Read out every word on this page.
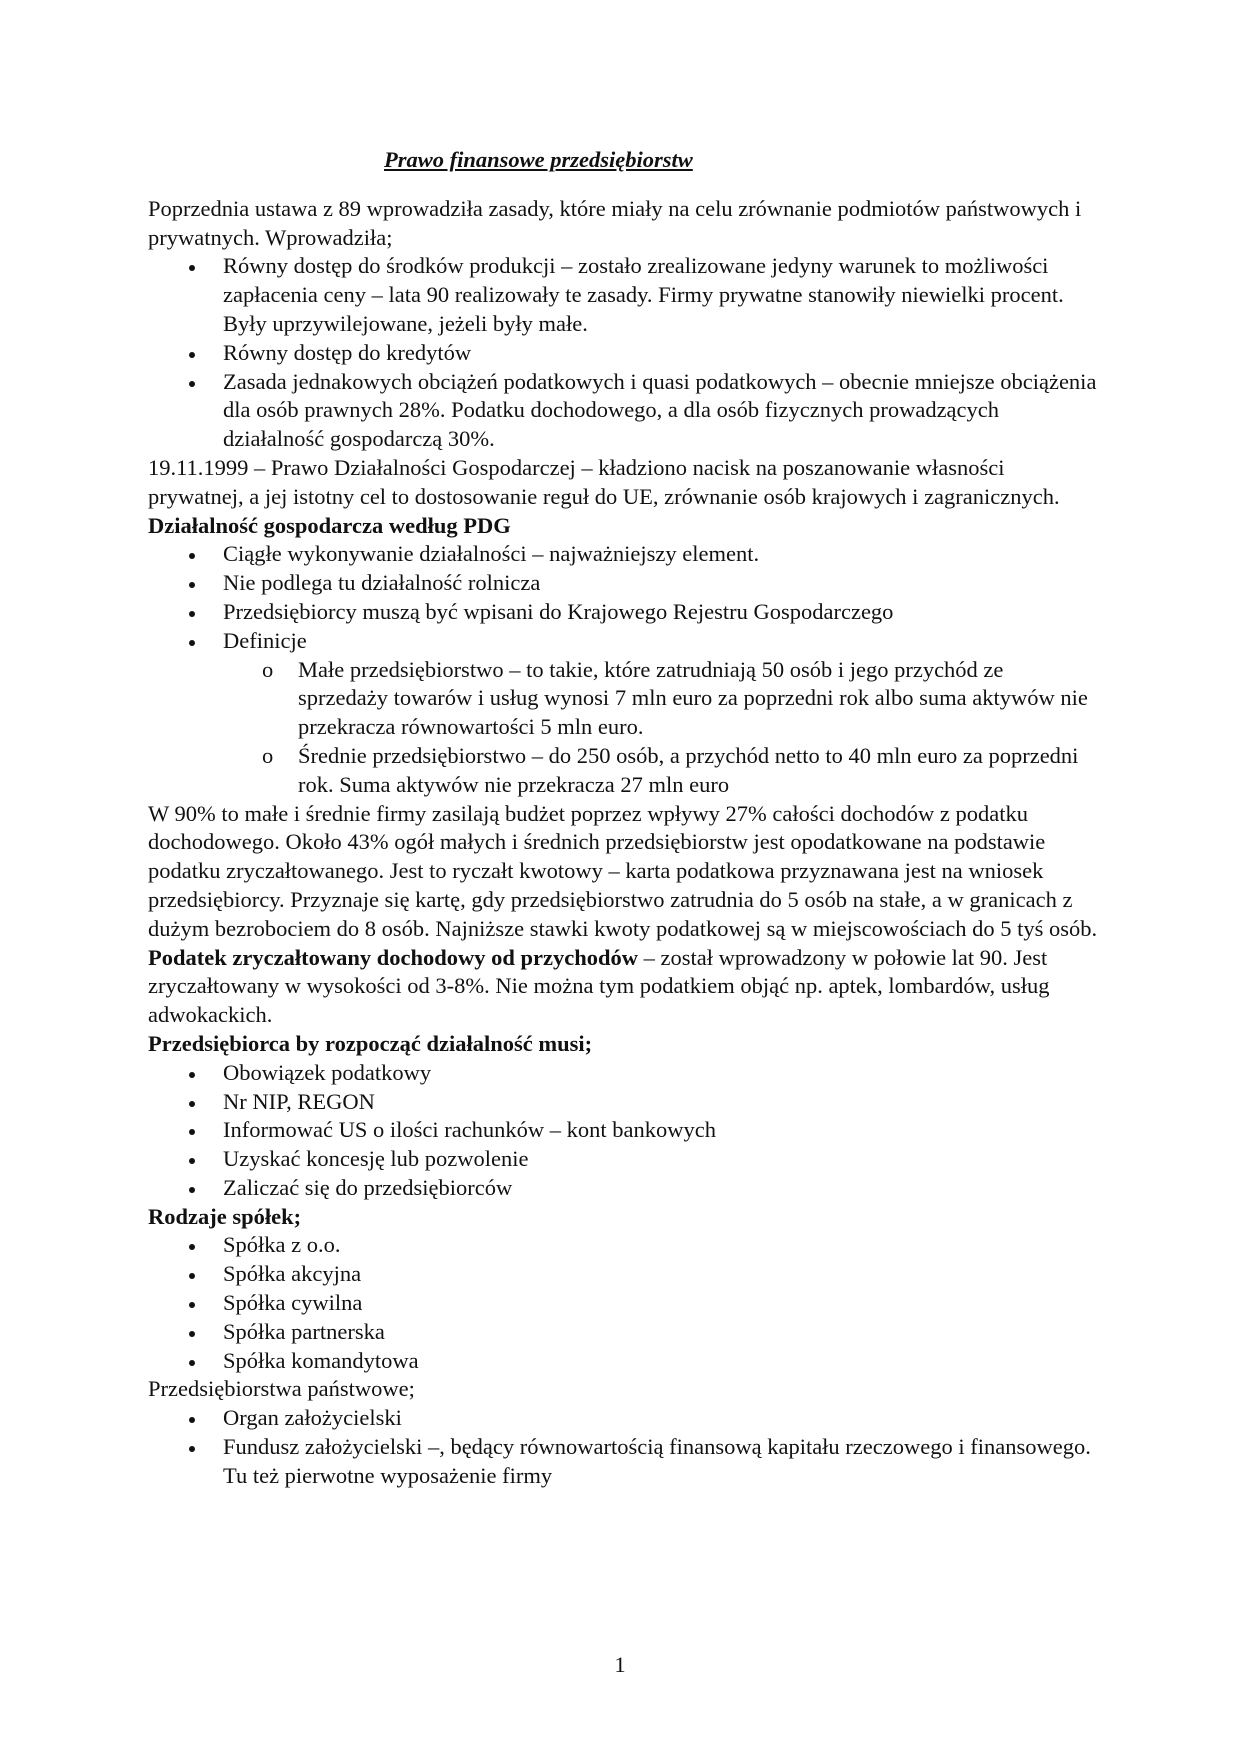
Prawo finansowe przedsiębiorstw

Poprzednia ustawa z 89 wprowadziła zasady, które miały na celu zrównanie podmiotów państwowych i prywatnych. Wprowadziła;

Równy dostęp do środków produkcji – zostało zrealizowane jedyny warunek to możliwości zapłacenia ceny – lata 90 realizowały te zasady. Firmy prywatne stanowiły niewielki procent. Były uprzywilejowane, jeżeli były małe.
Równy dostęp do kredytów
Zasada jednakowych obciążeń podatkowych i quasi podatkowych – obecnie mniejsze obciążenia dla osób prawnych 28%. Podatku dochodowego, a dla osób fizycznych prowadzących działalność gospodarczą 30%.

19.11.1999 – Prawo Działalności Gospodarczej – kładziono nacisk na poszanowanie własności prywatnej, a jej istotny cel to dostosowanie reguł do UE, zrównanie osób krajowych i zagranicznych.

Działalność gospodarcza według PDG

Ciągłe wykonywanie działalności – najważniejszy element.
Nie podlega tu działalność rolnicza
Przedsiębiorcy muszą być wpisani do Krajowego Rejestru Gospodarczego
Definicje
o Małe przedsiębiorstwo – to takie, które zatrudniają 50 osób i jego przychód ze sprzedaży towarów i usług wynosi 7 mln euro za poprzedni rok albo suma aktywów nie przekracza równowartości 5 mln euro.
o Średnie przedsiębiorstwo – do 250 osób, a przychód netto to 40 mln euro za poprzedni rok. Suma aktywów nie przekracza 27 mln euro

W 90% to małe i średnie firmy zasilają budżet poprzez wpływy 27% całości dochodów z podatku dochodowego. Około 43% ogół małych i średnich przedsiębiorstw jest opodatkowane na podstawie podatku zryczałtowanego. Jest to ryczałt kwotowy – karta podatkowa przyznawana jest na wniosek przedsiębiorcy. Przyznaje się kartę, gdy przedsiębiorstwo zatrudnia do 5 osób na stałe, a w granicach z dużym bezrobociem do 8 osób. Najniższe stawki kwoty podatkowej są w miejscowościach do 5 tyś osób.

Podatek zryczałtowany dochodowy od przychodów – został wprowadzony w połowie lat 90. Jest zryczałtowany w wysokości od 3-8%. Nie można tym podatkiem objąć np. aptek, lombardów, usług adwokackich.

Przedsiębiorca by rozpocząć działalność musi;

Obowiązek podatkowy
Nr NIP, REGON
Informować US o ilości rachunków – kont bankowych
Uzyskać koncesję lub pozwolenie
Zaliczać się do przedsiębiorców

Rodzaje spółek;

Spółka z o.o.
Spółka akcyjna
Spółka cywilna
Spółka partnerska
Spółka komandytowa

Przedsiębiorstwa państwowe;

Organ założycielski
Fundusz założycielski –, będący równowartością finansową kapitału rzeczowego i finansowego. Tu też pierwotne wyposażenie firmy
1
